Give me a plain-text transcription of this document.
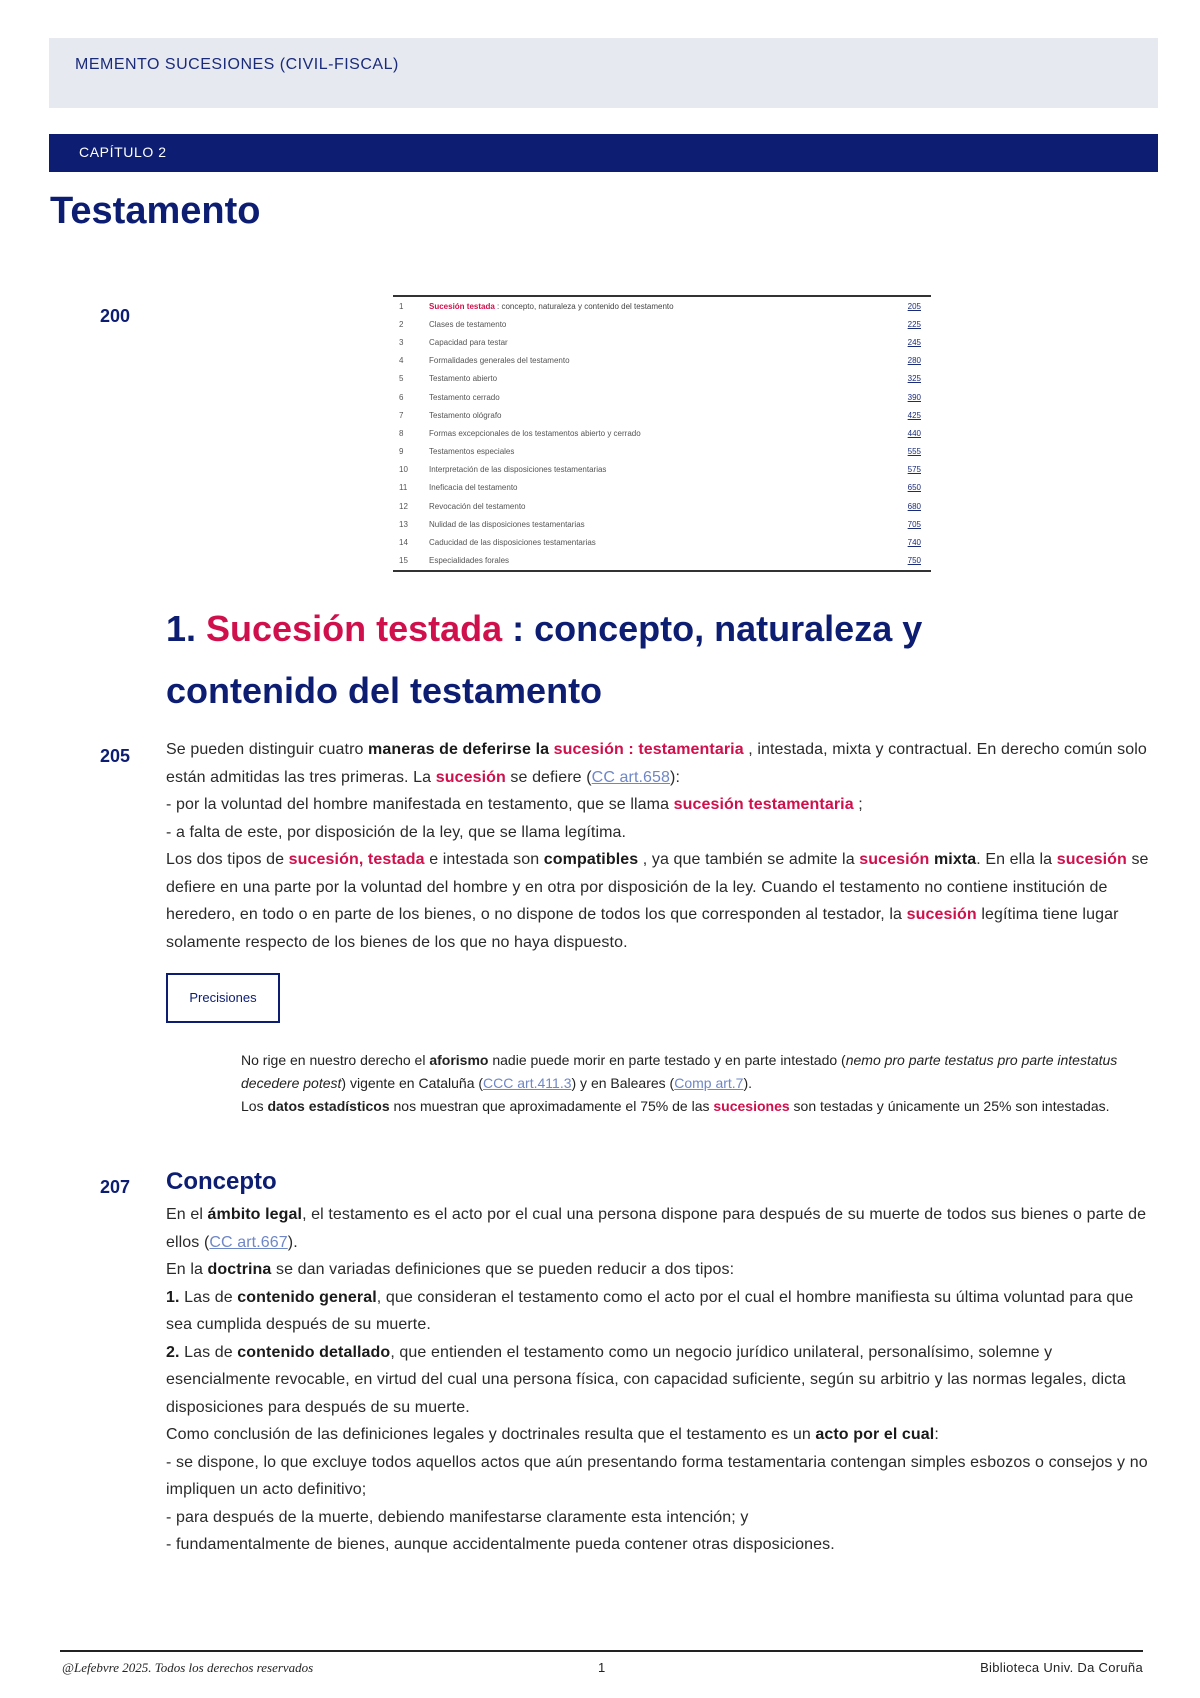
MEMENTO SUCESIONES (CIVIL-FISCAL)
CAPÍTULO 2
Testamento
200	1	Sucesión testada : concepto, naturaleza y contenido del testamento	205
2	Clases de testamento	225
3	Capacidad para testar	245
4	Formalidades generales del testamento	280
5	Testamento abierto	325
6	Testamento cerrado	390
7	Testamento ológrafo	425
8	Formas excepcionales de los testamentos abierto y cerrado	440
9	Testamentos especiales	555
10	Interpretación de las disposiciones testamentarias	575
11	Ineficacia del testamento	650
12	Revocación del testamento	680
13	Nulidad de las disposiciones testamentarias	705
14	Caducidad de las disposiciones testamentarias	740
15	Especialidades forales	750
1. Sucesión testada : concepto, naturaleza y contenido del testamento
205 Se pueden distinguir cuatro maneras de deferirse la sucesión : testamentaria , intestada, mixta y contractual. En derecho común solo están admitidas las tres primeras. La sucesión se defiere (CC art.658):
- por la voluntad del hombre manifestada en testamento, que se llama sucesión testamentaria ;
- a falta de este, por disposición de la ley, que se llama legítima.
Los dos tipos de sucesión, testada e intestada son compatibles , ya que también se admite la sucesión mixta. En ella la sucesión se defiere en una parte por la voluntad del hombre y en otra por disposición de la ley. Cuando el testamento no contiene institución de heredero, en todo o en parte de los bienes, o no dispone de todos los que corresponden al testador, la sucesión legítima tiene lugar solamente respecto de los bienes de los que no haya dispuesto.
Precisiones
No rige en nuestro derecho el aforismo nadie puede morir en parte testado y en parte intestado (nemo pro parte testatus pro parte intestatus decedere potest) vigente en Cataluña (CCC art.411.3) y en Baleares (Comp art.7).
Los datos estadísticos nos muestran que aproximadamente el 75% de las sucesiones son testadas y únicamente un 25% son intestadas.
207 Concepto
En el ámbito legal, el testamento es el acto por el cual una persona dispone para después de su muerte de todos sus bienes o parte de ellos (CC art.667).
En la doctrina se dan variadas definiciones que se pueden reducir a dos tipos:
1. Las de contenido general, que consideran el testamento como el acto por el cual el hombre manifiesta su última voluntad para que sea cumplida después de su muerte.
2. Las de contenido detallado, que entienden el testamento como un negocio jurídico unilateral, personalísimo, solemne y esencialmente revocable, en virtud del cual una persona física, con capacidad suficiente, según su arbitrio y las normas legales, dicta disposiciones para después de su muerte.
Como conclusión de las definiciones legales y doctrinales resulta que el testamento es un acto por el cual:
- se dispone, lo que excluye todos aquellos actos que aún presentando forma testamentaria contengan simples esbozos o consejos y no impliquen un acto definitivo;
- para después de la muerte, debiendo manifestarse claramente esta intención; y
- fundamentalmente de bienes, aunque accidentalmente pueda contener otras disposiciones.
@Lefebvre 2025. Todos los derechos reservados	1	Biblioteca Univ. Da Coruña
